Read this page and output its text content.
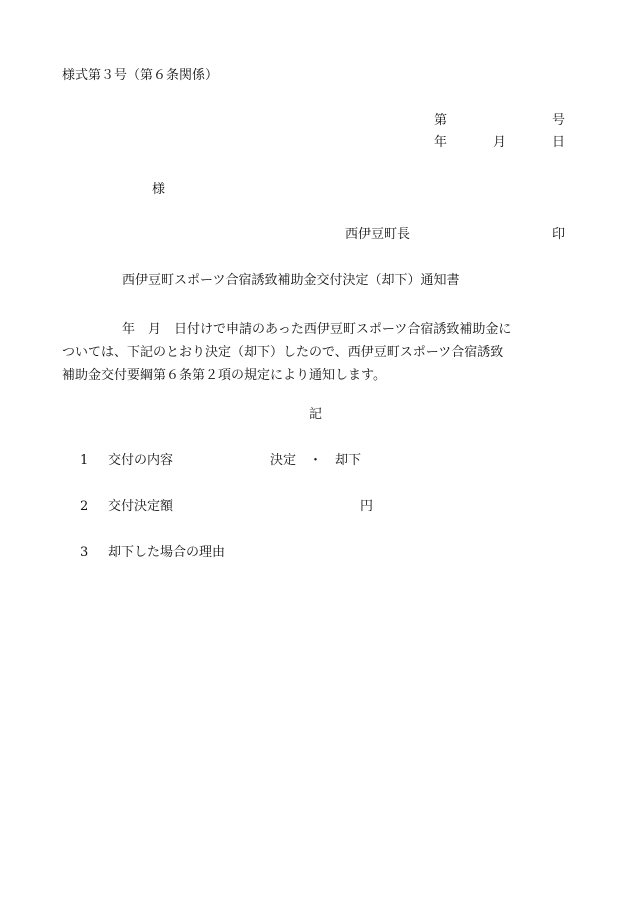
様式第３号（第６条関係）
第	号
年	月	日
様
西伊豆町長	印
西伊豆町スポーツ合宿誘致補助金交付決定（却下）通知書
年　月　日付けで申請のあった西伊豆町スポーツ合宿誘致補助金に
ついては、下記のとおり決定（却下）したので、西伊豆町スポーツ合宿誘致
補助金交付要綱第６条第２項の規定により通知します。
記
1 交付の内容	決定　・　却下
2 交付決定額	円
3 却下した場合の理由
